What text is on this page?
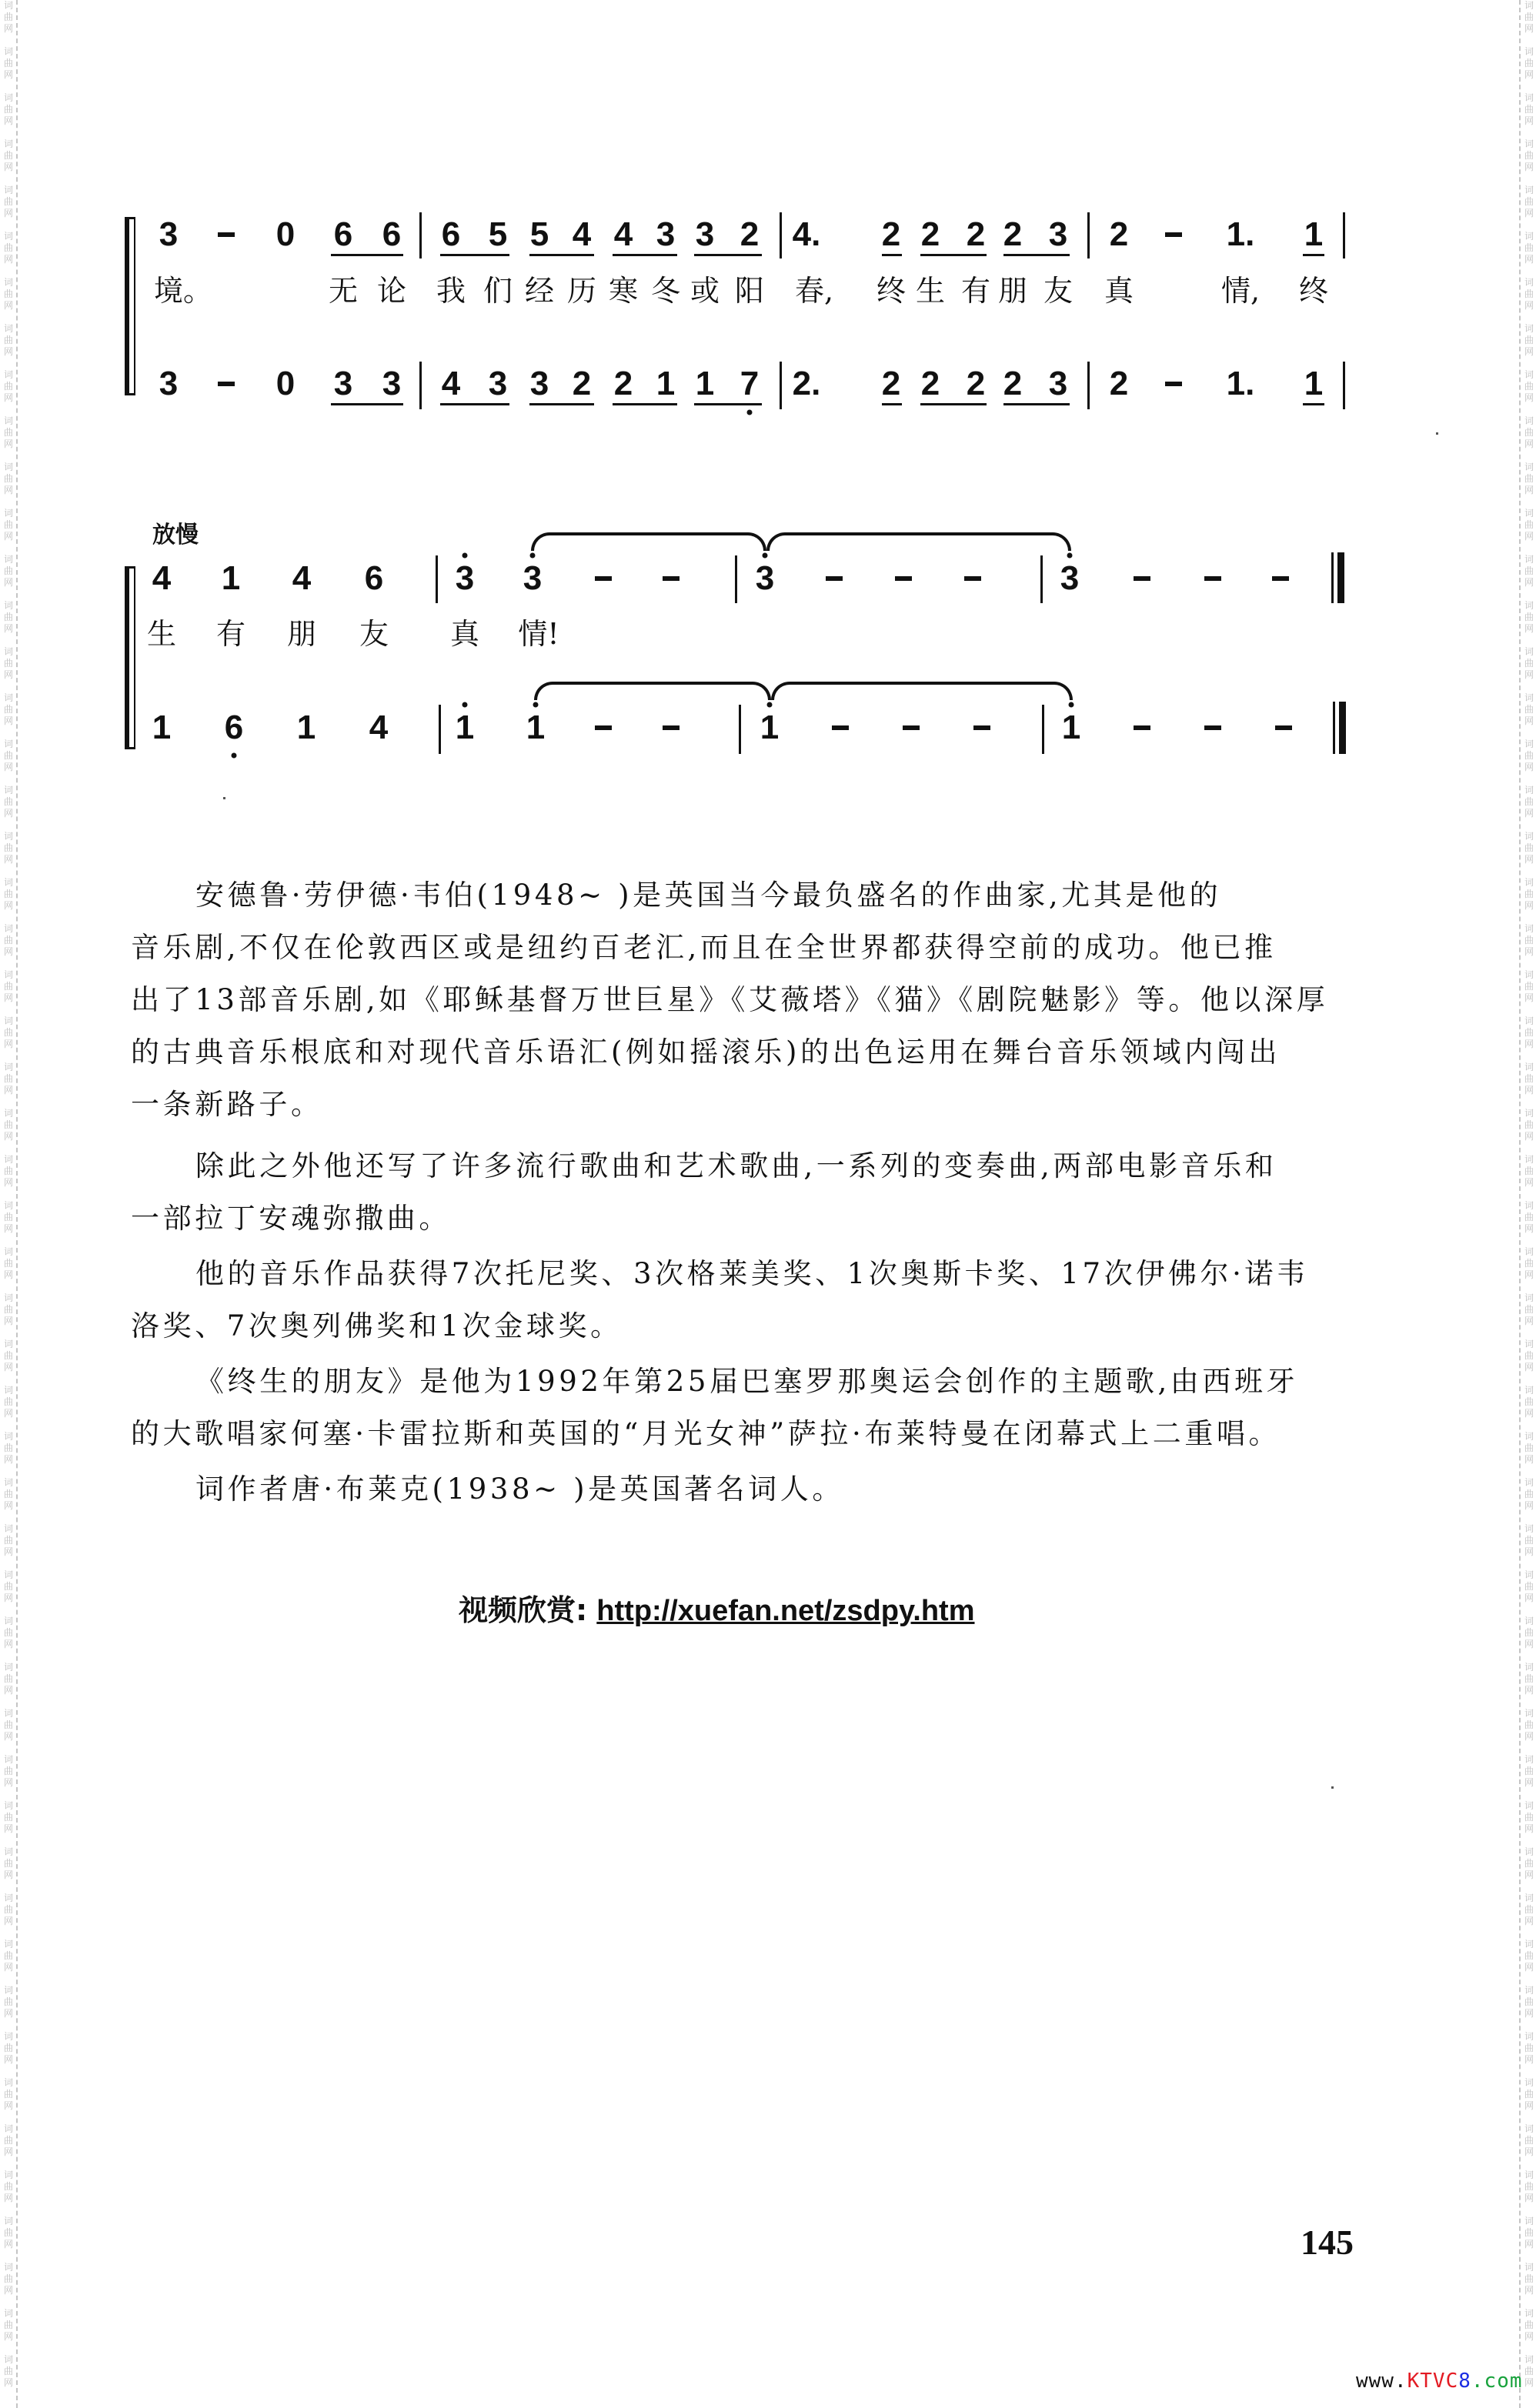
词
曲
网
词
曲
网
词
曲
网
词
曲
网
词
曲
网
词
曲
网
词
曲
网
词
曲
网
词
曲
网
词
曲
网
词
曲
网
词
曲
网
词
曲
网
词
曲
网
词
曲
网
词
曲
网
词
曲
网
词
曲
网
词
曲
网
词
曲
网
词
曲
网
词
曲
网
词
曲
网
词
曲
网
词
曲
网
词
曲
网
词
曲
网
词
曲
网
词
曲
网
词
曲
网
词
曲
网
词
曲
网
词
曲
网
词
曲
网
词
曲
网
词
曲
网
词
曲
网
词
曲
网
词
曲
网
词
曲
网
词
曲
网
词
曲
网
词
曲
网
词
曲
网
词
曲
网
词
曲
网
词
曲
网
词
曲
网
词
曲
网
词
曲
网
词
曲
网
词
曲
网
词
曲
网
词
曲
网
词
曲
网
词
曲
网
词
曲
网
词
曲
网
词
曲
网
词
曲
网
词
曲
网
词
曲
网
词
曲
网
词
曲
网
词
曲
网
词
曲
网
词
曲
网
词
曲
网
词
曲
网
词
曲
网
词
曲
网
词
曲
网
词
曲
网
词
曲
网
词
曲
网
词
曲
网
词
曲
网
词
曲
网
词
曲
网
词
曲
网
词
曲
网
词
曲
网
词
曲
网
词
曲
网
词
曲
网
词
曲
网
词
曲
网
词
曲
网
词
曲
网
词
曲
网
词
曲
网
词
曲
网
词
曲
网
词
曲
网
词
曲
网
词
曲
网
词
曲
网
词
曲
网
词
曲
网
词
曲
网
词
曲
网
词
曲
网
词
曲
网
词
曲
网
3	0 6 6 6 5 5 4 4 3 3 2 4. 2 2 2 2 3 2	1. 1
境。	无 论 我 们 经 历 寒 冬 或 阳 春, 终 生 有 朋 友 真	情, 终
3	0 3 3 4 3 3 2 2 1 1 7 2. 2 2 2 2 3 2	1. 1
放慢
4 1 4 6 3 3	3	3
生 有 朋 友 真 情!
1 6 1 4 1 1	1	1
安德鲁·劳伊德·韦伯(1948~ )是英国当今最负盛名的作曲家,尤其是他的
音乐剧,不仅在伦敦西区或是纽约百老汇,而且在全世界都获得空前的成功。他已推
出了13部音乐剧,如《耶稣基督万世巨星》《艾薇塔》《猫》《剧院魅影》等。他以深厚
的古典音乐根底和对现代音乐语汇(例如摇滚乐)的出色运用在舞台音乐领域内闯出
一条新路子。
除此之外他还写了许多流行歌曲和艺术歌曲,一系列的变奏曲,两部电影音乐和
一部拉丁安魂弥撒曲。
他的音乐作品获得7次托尼奖、3次格莱美奖、1次奥斯卡奖、17次伊佛尔·诺韦
洛奖、7次奥列佛奖和1次金球奖。
《终生的朋友》是他为1992年第25届巴塞罗那奥运会创作的主题歌,由西班牙
的大歌唱家何塞·卡雷拉斯和英国的“月光女神”萨拉·布莱特曼在闭幕式上二重唱。
词作者唐·布莱克(1938~ )是英国著名词人。
视频欣赏: http://xuefan.net/zsdpy.htm
145
www.KTVC8.com
